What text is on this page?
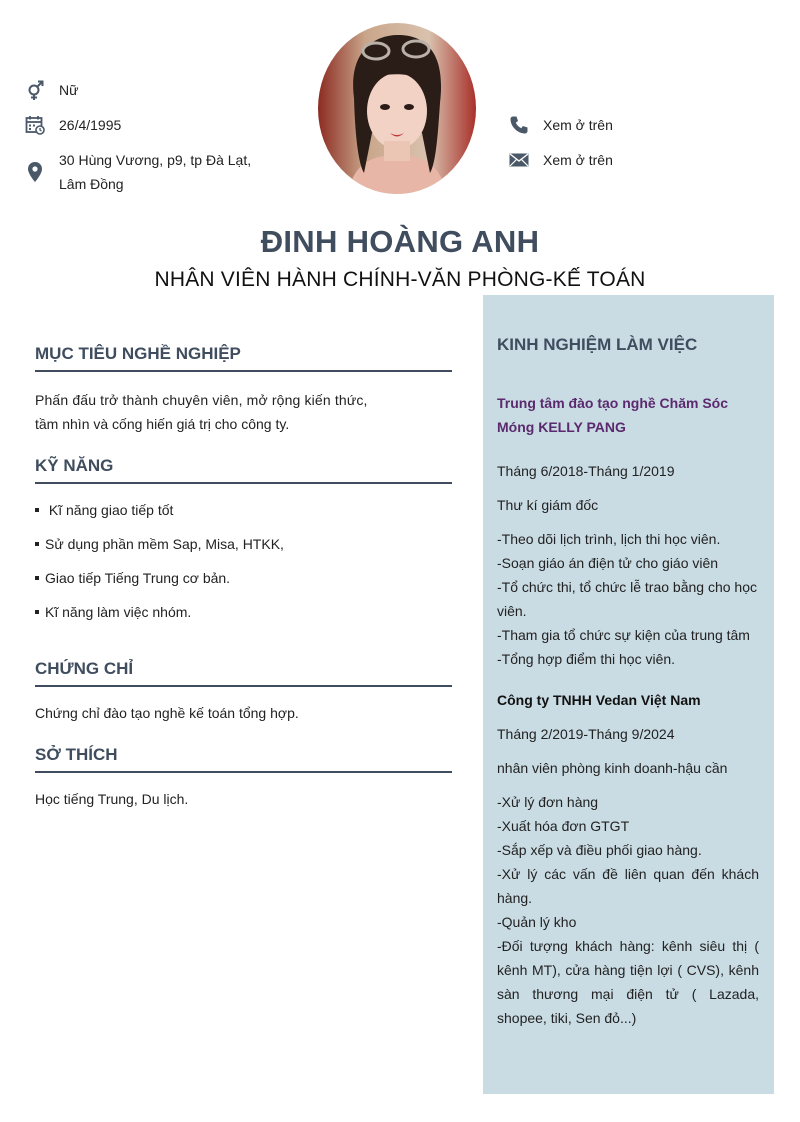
Nữ
26/4/1995
30 Hùng Vương, p9, tp Đà Lạt, Lâm Đồng
Xem ở trên
Xem ở trên
ĐINH HOÀNG ANH
NHÂN VIÊN HÀNH CHÍNH-VĂN PHÒNG-KẾ TOÁN
MỤC TIÊU NGHỀ NGHIỆP
Phấn đấu trở thành chuyên viên, mở rộng kiến thức,
tầm nhìn và cống hiến giá trị cho công ty.
KỸ NĂNG
Kĩ năng giao tiếp tốt
Sử dụng phần mềm Sap, Misa, HTKK,
Giao tiếp Tiếng Trung cơ bản.
Kĩ năng làm việc nhóm.
CHỨNG CHỈ
Chứng chỉ đào tạo nghề kế toán tổng hợp.
SỞ THÍCH
Học tiếng Trung, Du lịch.
KINH NGHIỆM LÀM VIỆC
Trung tâm đào tạo nghề Chăm Sóc Móng KELLY PANG
Tháng 6/2018-Tháng 1/2019
Thư kí giám đốc
-Theo dõi lịch trình, lịch thi học viên.
-Soạn giáo án điện tử cho giáo viên
-Tổ chức thi, tổ chức lễ trao bằng cho học viên.
-Tham gia tổ chức sự kiện của trung tâm
-Tổng hợp điểm thi học viên.
Công ty TNHH Vedan Việt Nam
Tháng 2/2019-Tháng 9/2024
nhân viên phòng kinh doanh-hậu cần
-Xử lý đơn hàng
-Xuất hóa đơn GTGT
-Sắp xếp và điều phối giao hàng.
-Xử lý các vấn đề liên quan đến khách hàng.
-Quản lý kho
-Đối tượng khách hàng: kênh siêu thị ( kênh MT), cửa hàng tiện lợi ( CVS), kênh sàn thương mại điện tử ( Lazada, shopee, tiki, Sen đỏ...)
